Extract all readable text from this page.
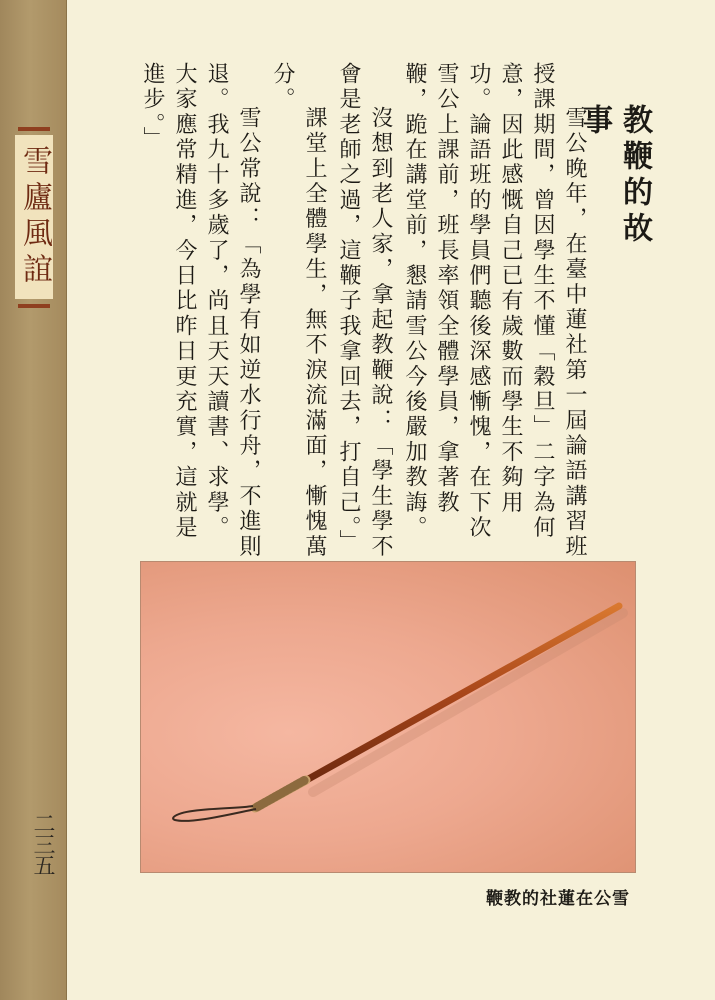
雪廬風誼
二三五
教鞭的故事

雪公晚年，在臺中蓮社第一屆論語講習班授課期間，曾因學生不懂「穀旦」二字為何意，因此感慨自己已有歲數而學生不夠用功。論語班的學員們聽後深感慚愧，在下次雪公上課前，班長率領全體學員，拿著教鞭，跪在講堂前，懇請雪公今後嚴加教誨。

沒想到老人家，拿起教鞭說：「學生學不會是老師之過，這鞭子我拿回去，打自己。」

課堂上全體學生，無不淚流滿面，慚愧萬分。

雪公常說：「為學有如逆水行舟，不進則退。我九十多歲了，尚且天天讀書、求學。大家應常精進，今日比昨日更充實，這就是進步。」

鞭教的社蓮在公雪
